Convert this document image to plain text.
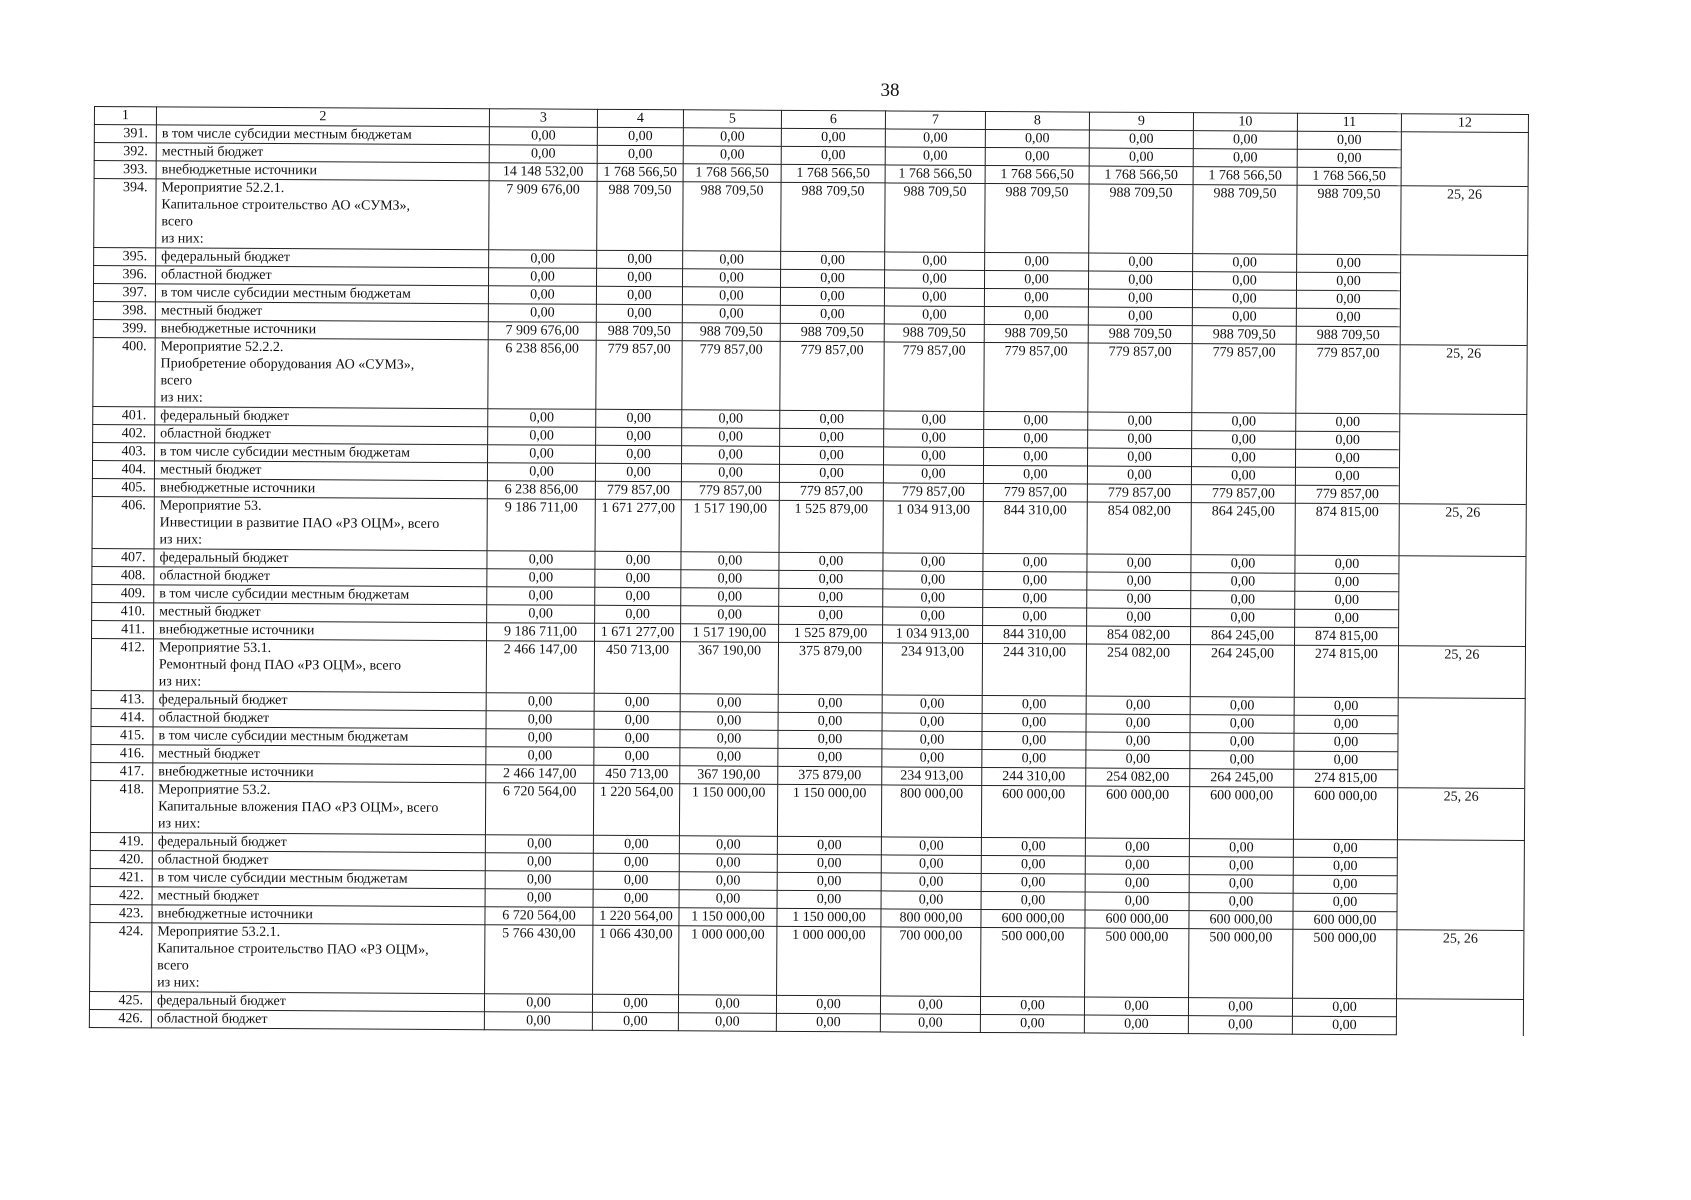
38
1	2	3	4	5	6	7	8	9	10	11	12
391.	в том числе субсидии местным бюджетам	0,00	0,00	0,00	0,00	0,00	0,00	0,00	0,00	0,00	
392.	местный бюджет	0,00	0,00	0,00	0,00	0,00	0,00	0,00	0,00	0,00	
393.	внебюджетные источники	14 148 532,00	1 768 566,50	1 768 566,50	1 768 566,50	1 768 566,50	1 768 566,50	1 768 566,50	1 768 566,50	1 768 566,50	
394.	Мероприятие 52.2.1.
Капитальное строительство АО «СУМЗ»,
всего
из них:	7 909 676,00	988 709,50	988 709,50	988 709,50	988 709,50	988 709,50	988 709,50	988 709,50	988 709,50	25, 26
395.	федеральный бюджет	0,00	0,00	0,00	0,00	0,00	0,00	0,00	0,00	0,00	
396.	областной бюджет	0,00	0,00	0,00	0,00	0,00	0,00	0,00	0,00	0,00	
397.	в том числе субсидии местным бюджетам	0,00	0,00	0,00	0,00	0,00	0,00	0,00	0,00	0,00	
398.	местный бюджет	0,00	0,00	0,00	0,00	0,00	0,00	0,00	0,00	0,00	
399.	внебюджетные источники	7 909 676,00	988 709,50	988 709,50	988 709,50	988 709,50	988 709,50	988 709,50	988 709,50	988 709,50	
400.	Мероприятие 52.2.2.
Приобретение оборудования АО «СУМЗ»,
всего
из них:	6 238 856,00	779 857,00	779 857,00	779 857,00	779 857,00	779 857,00	779 857,00	779 857,00	779 857,00	25, 26
401.	федеральный бюджет	0,00	0,00	0,00	0,00	0,00	0,00	0,00	0,00	0,00	
402.	областной бюджет	0,00	0,00	0,00	0,00	0,00	0,00	0,00	0,00	0,00	
403.	в том числе субсидии местным бюджетам	0,00	0,00	0,00	0,00	0,00	0,00	0,00	0,00	0,00	
404.	местный бюджет	0,00	0,00	0,00	0,00	0,00	0,00	0,00	0,00	0,00	
405.	внебюджетные источники	6 238 856,00	779 857,00	779 857,00	779 857,00	779 857,00	779 857,00	779 857,00	779 857,00	779 857,00	
406.	Мероприятие 53.
Инвестиции в развитие ПАО «РЗ ОЦМ», всего
из них:	9 186 711,00	1 671 277,00	1 517 190,00	1 525 879,00	1 034 913,00	844 310,00	854 082,00	864 245,00	874 815,00	25, 26
407.	федеральный бюджет	0,00	0,00	0,00	0,00	0,00	0,00	0,00	0,00	0,00	
408.	областной бюджет	0,00	0,00	0,00	0,00	0,00	0,00	0,00	0,00	0,00	
409.	в том числе субсидии местным бюджетам	0,00	0,00	0,00	0,00	0,00	0,00	0,00	0,00	0,00	
410.	местный бюджет	0,00	0,00	0,00	0,00	0,00	0,00	0,00	0,00	0,00	
411.	внебюджетные источники	9 186 711,00	1 671 277,00	1 517 190,00	1 525 879,00	1 034 913,00	844 310,00	854 082,00	864 245,00	874 815,00	
412.	Мероприятие 53.1.
Ремонтный фонд ПАО «РЗ ОЦМ», всего
из них:	2 466 147,00	450 713,00	367 190,00	375 879,00	234 913,00	244 310,00	254 082,00	264 245,00	274 815,00	25, 26
413.	федеральный бюджет	0,00	0,00	0,00	0,00	0,00	0,00	0,00	0,00	0,00	
414.	областной бюджет	0,00	0,00	0,00	0,00	0,00	0,00	0,00	0,00	0,00	
415.	в том числе субсидии местным бюджетам	0,00	0,00	0,00	0,00	0,00	0,00	0,00	0,00	0,00	
416.	местный бюджет	0,00	0,00	0,00	0,00	0,00	0,00	0,00	0,00	0,00	
417.	внебюджетные источники	2 466 147,00	450 713,00	367 190,00	375 879,00	234 913,00	244 310,00	254 082,00	264 245,00	274 815,00	
418.	Мероприятие 53.2.
Капитальные вложения ПАО «РЗ ОЦМ», всего
из них:	6 720 564,00	1 220 564,00	1 150 000,00	1 150 000,00	800 000,00	600 000,00	600 000,00	600 000,00	600 000,00	25, 26
419.	федеральный бюджет	0,00	0,00	0,00	0,00	0,00	0,00	0,00	0,00	0,00	
420.	областной бюджет	0,00	0,00	0,00	0,00	0,00	0,00	0,00	0,00	0,00	
421.	в том числе субсидии местным бюджетам	0,00	0,00	0,00	0,00	0,00	0,00	0,00	0,00	0,00	
422.	местный бюджет	0,00	0,00	0,00	0,00	0,00	0,00	0,00	0,00	0,00	
423.	внебюджетные источники	6 720 564,00	1 220 564,00	1 150 000,00	1 150 000,00	800 000,00	600 000,00	600 000,00	600 000,00	600 000,00	
424.	Мероприятие 53.2.1.
Капитальное строительство ПАО «РЗ ОЦМ»,
всего
из них:	5 766 430,00	1 066 430,00	1 000 000,00	1 000 000,00	700 000,00	500 000,00	500 000,00	500 000,00	500 000,00	25, 26
425.	федеральный бюджет	0,00	0,00	0,00	0,00	0,00	0,00	0,00	0,00	0,00	
426.	областной бюджет	0,00	0,00	0,00	0,00	0,00	0,00	0,00	0,00	0,00	
